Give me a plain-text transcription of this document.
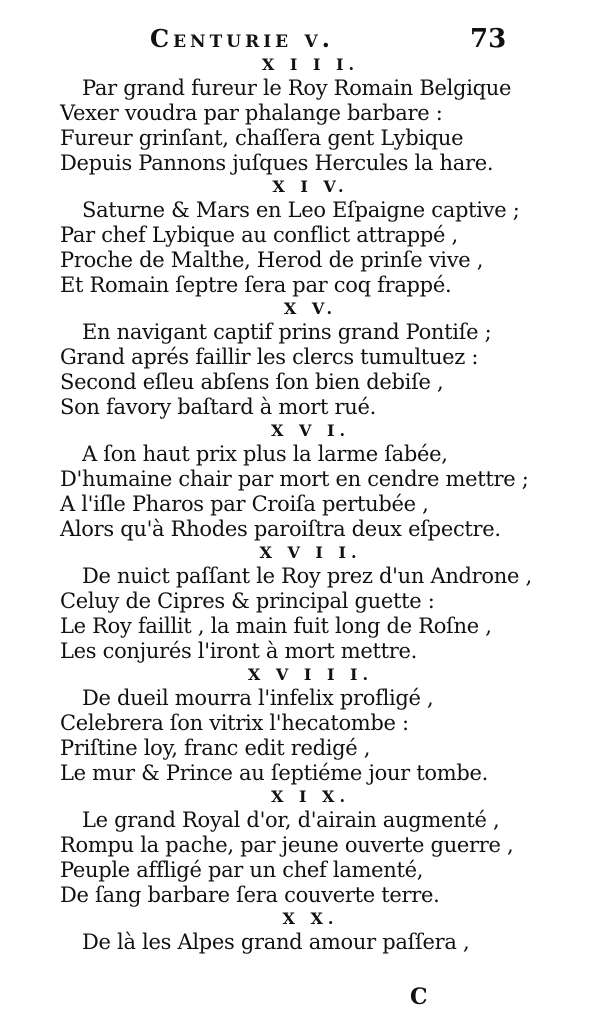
Centurie v.	73
X I I I.
Par grand fureur le Roy Romain Belgique
Vexer voudra par phalange barbare :
Fureur grinſant, chaſſera gent Lybique
Depuis Pannons juſques Hercules la hare.
X I V.
Saturne & Mars en Leo Eſpaigne captive ;
Par chef Lybique au conflict attrappé ,
Proche de Malthe, Herod de prinſe vive ,
Et Romain ſeptre ſera par coq frappé.
X V.
En navigant captif prins grand Pontiſe ;
Grand aprés faillir les clercs tumultuez :
Second eſleu abſens ſon bien debiſe ,
Son favory baſtard à mort rué.
X V I.
A ſon haut prix plus la larme ſabée,
D'humaine chair par mort en cendre mettre ;
A l'iſle Pharos par Croiſa pertubée ,
Alors qu'à Rhodes paroiſtra deux eſpectre.
X V I I.
De nuict paſſant le Roy prez d'un Androne ,
Celuy de Cipres & principal guette :
Le Roy faillit , la main fuit long de Roſne ,
Les conjurés l'iront à mort mettre.
X V I I I.
De dueil mourra l'infelix profligé ,
Celebrera ſon vitrix l'hecatombe :
Priſtine loy, franc edit redigé ,
Le mur & Prince au ſeptiéme jour tombe.
X I X.
Le grand Royal d'or, d'airain augmenté ,
Rompu la pache, par jeune ouverte guerre ,
Peuple affligé par un chef lamenté,
De ſang barbare ſera couverte terre.
X X.
De là les Alpes grand amour paſſera ,
C
